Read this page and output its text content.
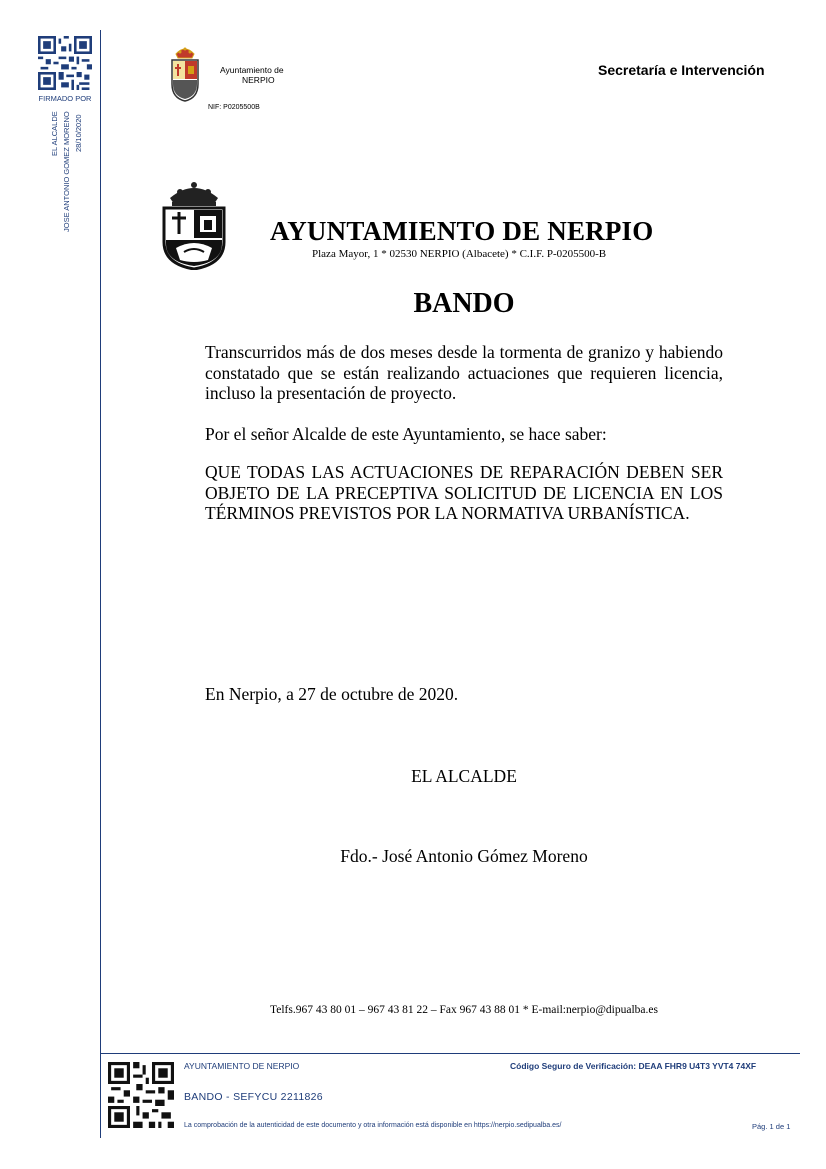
FIRMADO POR
EL ALCALDE JOSE ANTONIO GOMEZ MORENO 28/10/2020
Ayuntamiento de
NERPIO
NIF: P0205500B
Secretaría e Intervención
AYUNTAMIENTO DE NERPIO
Plaza Mayor, 1 * 02530 NERPIO (Albacete) * C.I.F. P-0205500-B
BANDO
Transcurridos más de dos meses desde la tormenta de granizo y habiendo constatado que se están realizando actuaciones que requieren licencia, incluso la presentación de proyecto.
Por el señor Alcalde de este Ayuntamiento, se hace saber:
QUE TODAS LAS ACTUACIONES DE REPARACIÓN DEBEN SER OBJETO DE LA PRECEPTIVA SOLICITUD DE LICENCIA EN LOS TÉRMINOS PREVISTOS POR LA NORMATIVA URBANÍSTICA.
En Nerpio, a 27 de octubre de 2020.
EL ALCALDE
Fdo.- José Antonio Gómez Moreno
Telfs.967 43 80 01 – 967 43 81 22 – Fax 967 43 88 01 * E-mail:nerpio@dipualba.es
AYUNTAMIENTO DE NERPIO	Código Seguro de Verificación: DEAA FHR9 U4T3 YVT4 74XF
BANDO - SEFYCU 2211826
La comprobación de la autenticidad de este documento y otra información está disponible en https://nerpio.sedipualba.es/	Pág. 1 de 1
